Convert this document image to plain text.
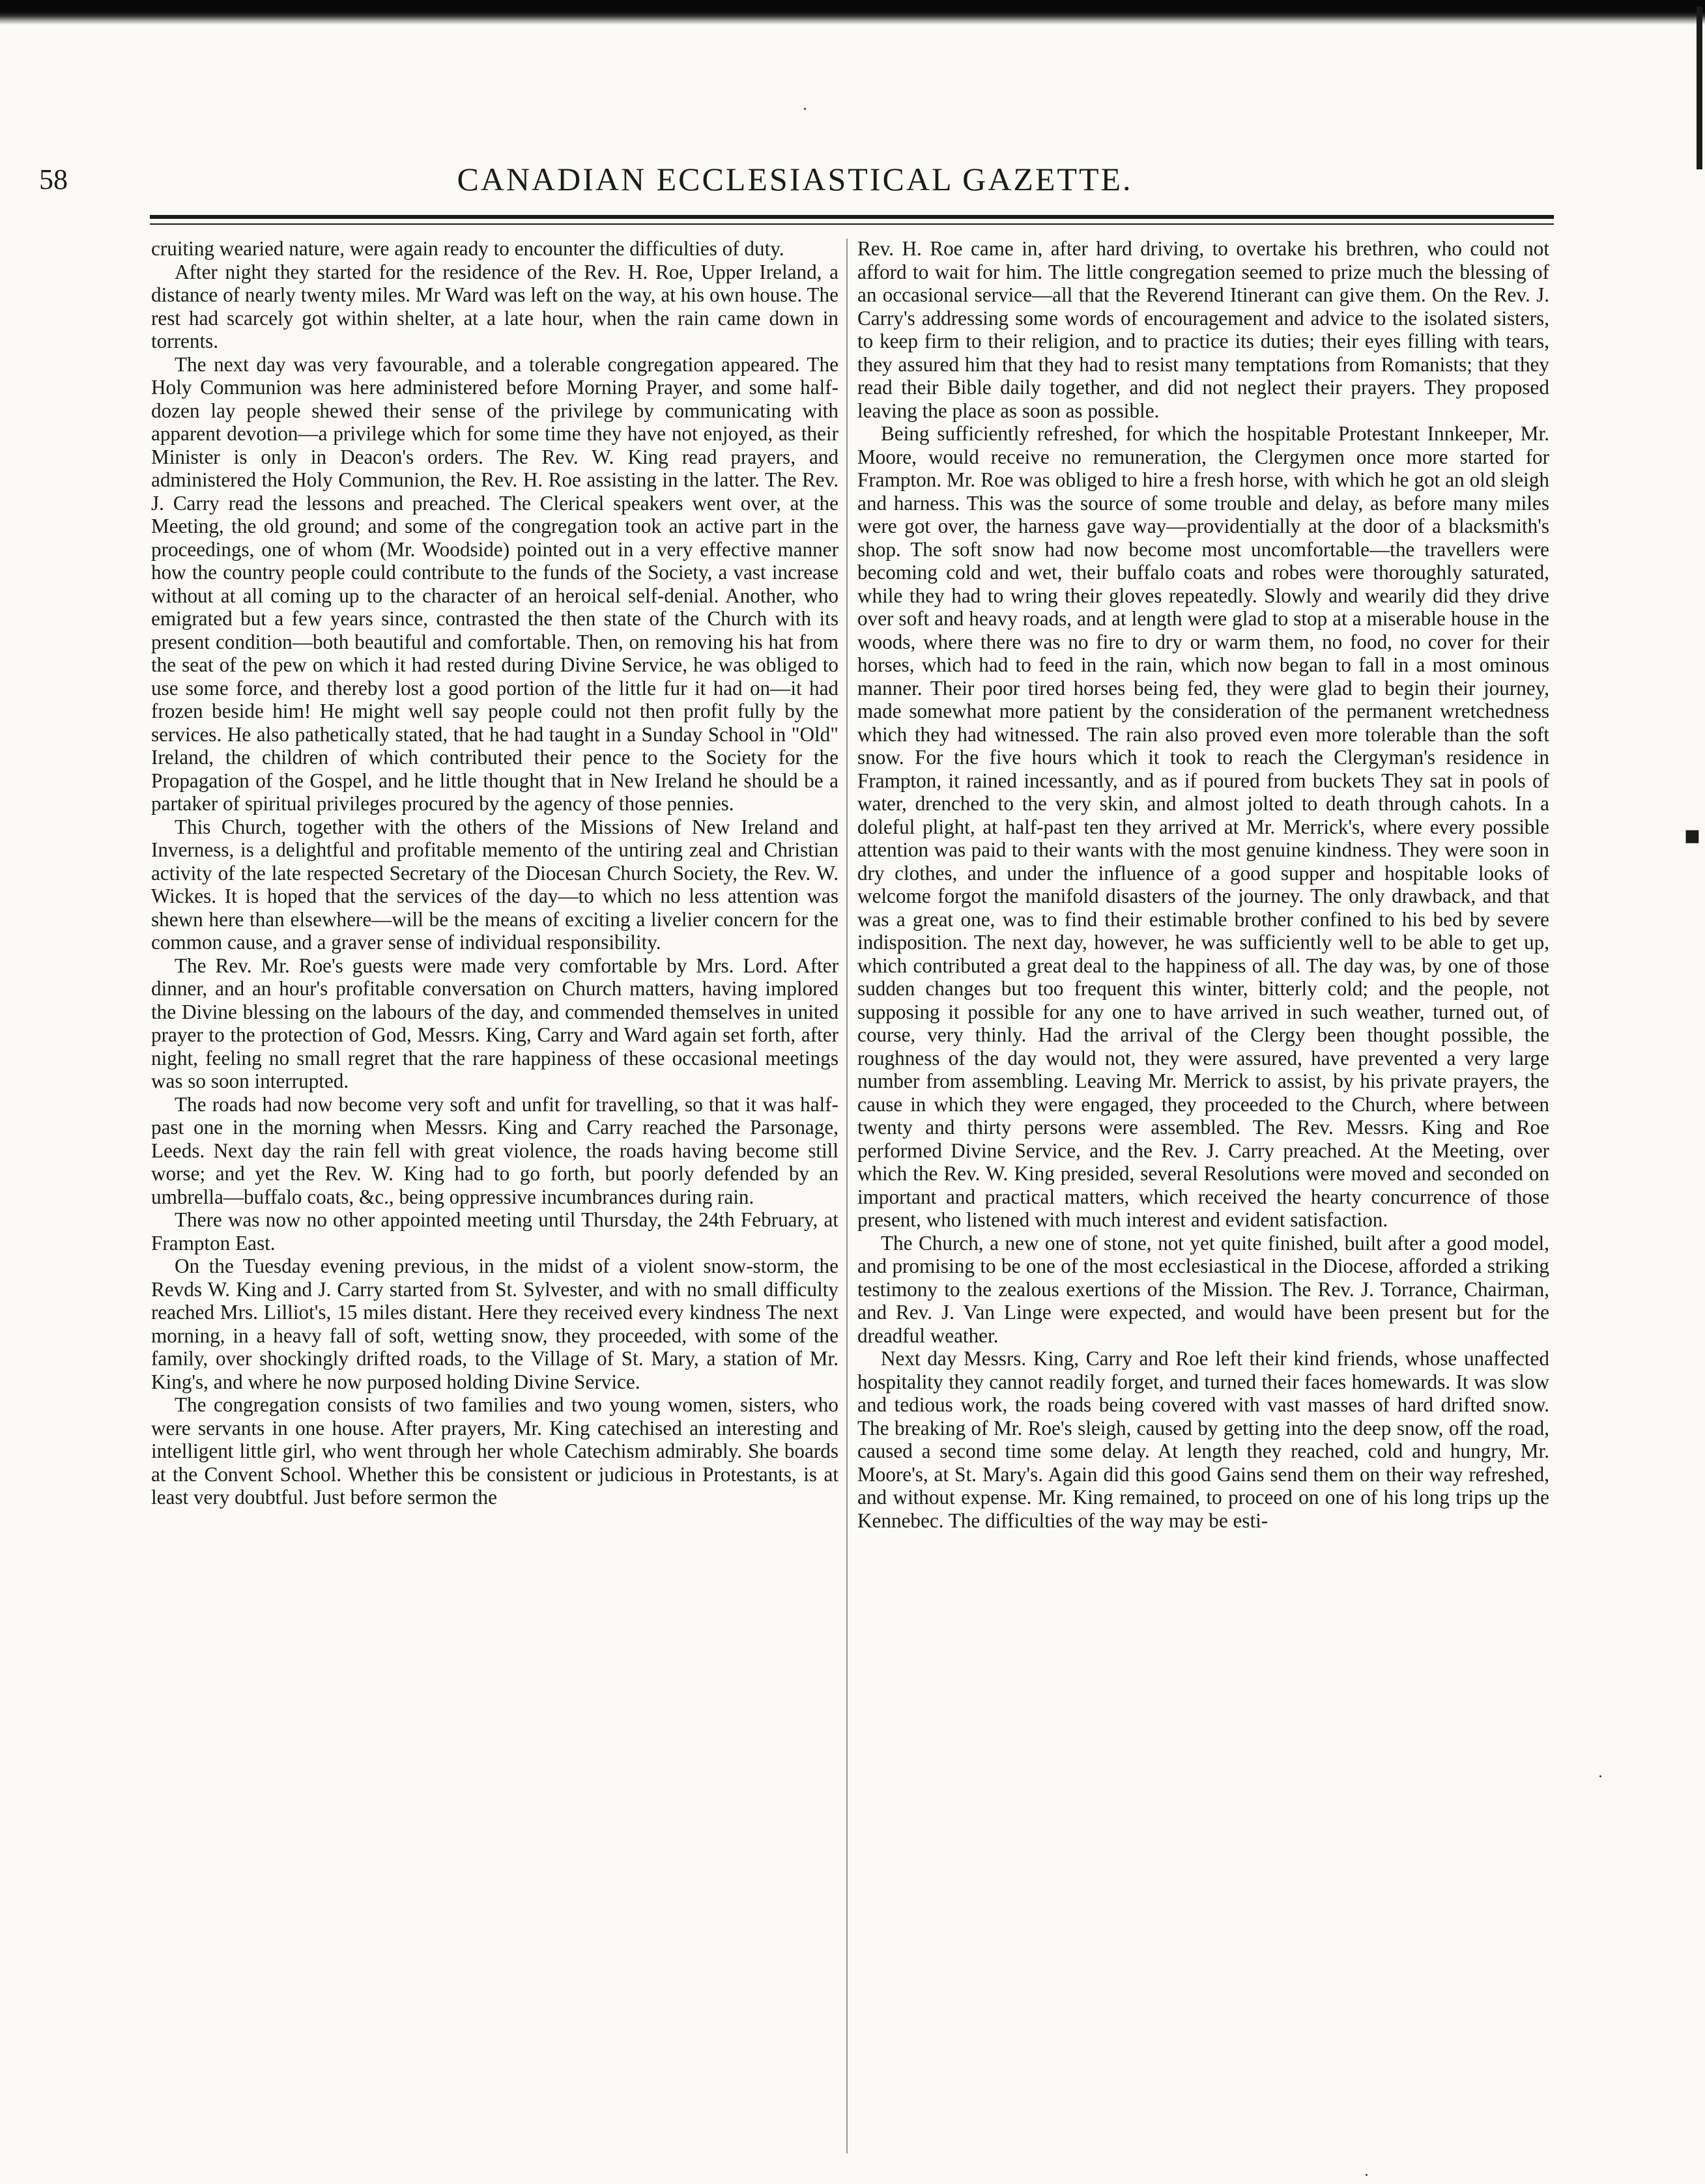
▪
·
·
·
58	CANADIAN ECCLESIASTICAL GAZETTE.

cruiting wearied nature, were again ready to encounter the difficulties of duty.

After night they started for the residence of the Rev. H. Roe, Upper Ireland, a distance of nearly twenty miles. Mr Ward was left on the way, at his own house. The rest had scarcely got within shelter, at a late hour, when the rain came down in torrents.

The next day was very favourable, and a tolerable congregation appeared. The Holy Communion was here administered before Morning Prayer, and some half-dozen lay people shewed their sense of the privilege by communicating with apparent devotion—a privilege which for some time they have not enjoyed, as their Minister is only in Deacon's orders. The Rev. W. King read prayers, and administered the Holy Communion, the Rev. H. Roe assisting in the latter. The Rev. J. Carry read the lessons and preached. The Clerical speakers went over, at the Meeting, the old ground; and some of the congregation took an active part in the proceedings, one of whom (Mr. Woodside) pointed out in a very effective manner how the country people could contribute to the funds of the Society, a vast increase without at all coming up to the character of an heroical self-denial. Another, who emigrated but a few years since, contrasted the then state of the Church with its present condition—both beautiful and comfortable. Then, on removing his hat from the seat of the pew on which it had rested during Divine Service, he was obliged to use some force, and thereby lost a good portion of the little fur it had on—it had frozen beside him! He might well say people could not then profit fully by the services. He also pathetically stated, that he had taught in a Sunday School in "Old" Ireland, the children of which contributed their pence to the Society for the Propagation of the Gospel, and he little thought that in New Ireland he should be a partaker of spiritual privileges procured by the agency of those pennies.

This Church, together with the others of the Missions of New Ireland and Inverness, is a delightful and profitable memento of the untiring zeal and Christian activity of the late respected Secretary of the Diocesan Church Society, the Rev. W. Wickes. It is hoped that the services of the day—to which no less attention was shewn here than elsewhere—will be the means of exciting a livelier concern for the common cause, and a graver sense of individual responsibility.

The Rev. Mr. Roe's guests were made very comfortable by Mrs. Lord. After dinner, and an hour's profitable conversation on Church matters, having implored the Divine blessing on the labours of the day, and commended themselves in united prayer to the protection of God, Messrs. King, Carry and Ward again set forth, after night, feeling no small regret that the rare happiness of these occasional meetings was so soon interrupted.

The roads had now become very soft and unfit for travelling, so that it was half-past one in the morning when Messrs. King and Carry reached the Parsonage, Leeds. Next day the rain fell with great violence, the roads having become still worse; and yet the Rev. W. King had to go forth, but poorly defended by an umbrella—buffalo coats, &c., being oppressive incumbrances during rain.

There was now no other appointed meeting until Thursday, the 24th February, at Frampton East.

On the Tuesday evening previous, in the midst of a violent snow-storm, the Revds W. King and J. Carry started from St. Sylvester, and with no small difficulty reached Mrs. Lilliot's, 15 miles distant. Here they received every kindness The next morning, in a heavy fall of soft, wetting snow, they proceeded, with some of the family, over shockingly drifted roads, to the Village of St. Mary, a station of Mr. King's, and where he now purposed holding Divine Service.

The congregation consists of two families and two young women, sisters, who were servants in one house. After prayers, Mr. King catechised an interesting and intelligent little girl, who went through her whole Catechism admirably. She boards at the Convent School. Whether this be consistent or judicious in Protestants, is at least very doubtful. Just before sermon the

Rev. H. Roe came in, after hard driving, to overtake his brethren, who could not afford to wait for him. The little congregation seemed to prize much the blessing of an occasional service—all that the Reverend Itinerant can give them. On the Rev. J. Carry's addressing some words of encouragement and advice to the isolated sisters, to keep firm to their religion, and to practice its duties; their eyes filling with tears, they assured him that they had to resist many temptations from Romanists; that they read their Bible daily together, and did not neglect their prayers. They proposed leaving the place as soon as possible.

Being sufficiently refreshed, for which the hospitable Protestant Innkeeper, Mr. Moore, would receive no remuneration, the Clergymen once more started for Frampton. Mr. Roe was obliged to hire a fresh horse, with which he got an old sleigh and harness. This was the source of some trouble and delay, as before many miles were got over, the harness gave way—providentially at the door of a blacksmith's shop. The soft snow had now become most uncomfortable—the travellers were becoming cold and wet, their buffalo coats and robes were thoroughly saturated, while they had to wring their gloves repeatedly. Slowly and wearily did they drive over soft and heavy roads, and at length were glad to stop at a miserable house in the woods, where there was no fire to dry or warm them, no food, no cover for their horses, which had to feed in the rain, which now began to fall in a most ominous manner. Their poor tired horses being fed, they were glad to begin their journey, made somewhat more patient by the consideration of the permanent wretchedness which they had witnessed. The rain also proved even more tolerable than the soft snow. For the five hours which it took to reach the Clergyman's residence in Frampton, it rained incessantly, and as if poured from buckets They sat in pools of water, drenched to the very skin, and almost jolted to death through cahots. In a doleful plight, at half-past ten they arrived at Mr. Merrick's, where every possible attention was paid to their wants with the most genuine kindness. They were soon in dry clothes, and under the influence of a good supper and hospitable looks of welcome forgot the manifold disasters of the journey. The only drawback, and that was a great one, was to find their estimable brother confined to his bed by severe indisposition. The next day, however, he was sufficiently well to be able to get up, which contributed a great deal to the happiness of all. The day was, by one of those sudden changes but too frequent this winter, bitterly cold; and the people, not supposing it possible for any one to have arrived in such weather, turned out, of course, very thinly. Had the arrival of the Clergy been thought possible, the roughness of the day would not, they were assured, have prevented a very large number from assembling. Leaving Mr. Merrick to assist, by his private prayers, the cause in which they were engaged, they proceeded to the Church, where between twenty and thirty persons were assembled. The Rev. Messrs. King and Roe performed Divine Service, and the Rev. J. Carry preached. At the Meeting, over which the Rev. W. King presided, several Resolutions were moved and seconded on important and practical matters, which received the hearty concurrence of those present, who listened with much interest and evident satisfaction.

The Church, a new one of stone, not yet quite finished, built after a good model, and promising to be one of the most ecclesiastical in the Diocese, afforded a striking testimony to the zealous exertions of the Mission. The Rev. J. Torrance, Chairman, and Rev. J. Van Linge were expected, and would have been present but for the dreadful weather.

Next day Messrs. King, Carry and Roe left their kind friends, whose unaffected hospitality they cannot readily forget, and turned their faces homewards. It was slow and tedious work, the roads being covered with vast masses of hard drifted snow. The breaking of Mr. Roe's sleigh, caused by getting into the deep snow, off the road, caused a second time some delay. At length they reached, cold and hungry, Mr. Moore's, at St. Mary's. Again did this good Gains send them on their way refreshed, and without expense. Mr. King remained, to proceed on one of his long trips up the Kennebec. The difficulties of the way may be esti-
